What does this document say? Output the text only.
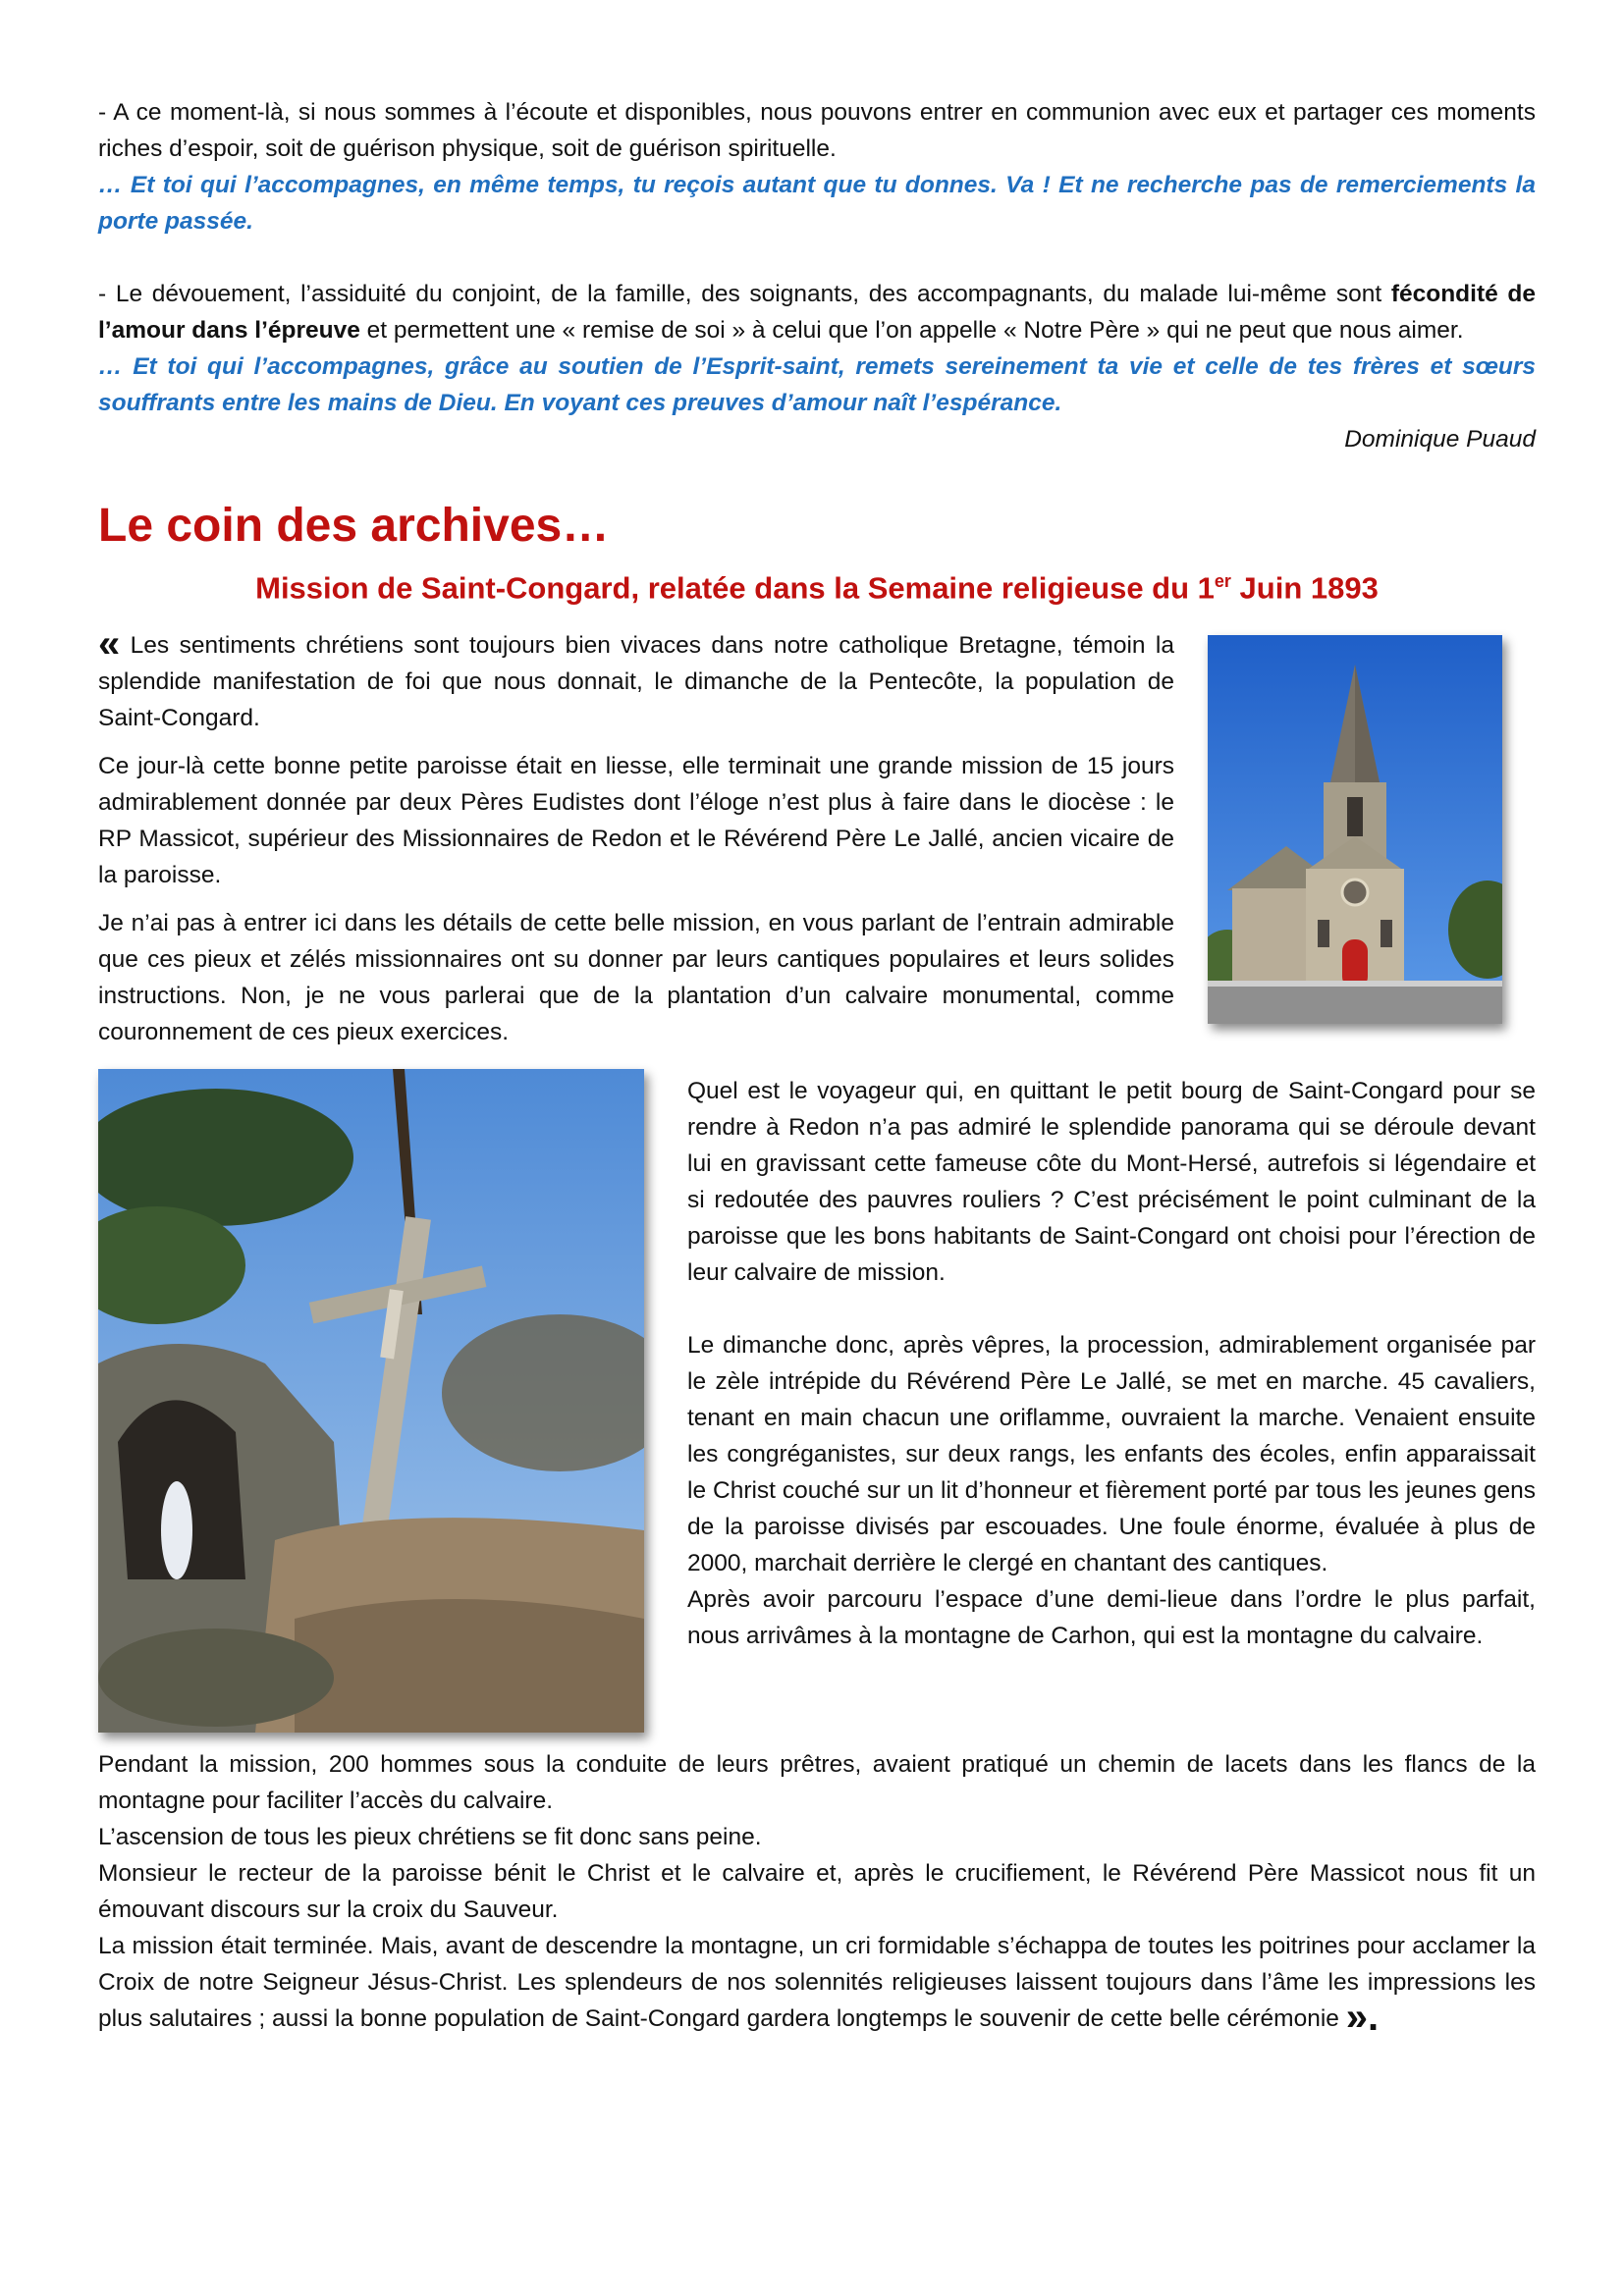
- A ce moment-là, si nous sommes à l’écoute et disponibles, nous pouvons entrer en communion avec eux et partager ces moments riches d’espoir, soit de guérison physique, soit de guérison spirituelle.

… Et toi qui l’accompagnes, en même temps, tu reçois autant que tu donnes. Va ! Et ne recherche pas de remerciements la porte passée.

- Le dévouement, l’assiduité du conjoint, de la famille, des soignants, des accompagnants, du malade lui-même sont fécondité de l’amour dans l’épreuve et permettent une « remise de soi » à celui que l’on appelle « Notre Père » qui ne peut que nous aimer.

… Et toi qui l’accompagnes, grâce au soutien de l’Esprit-saint, remets sereinement ta vie et celle de tes frères et sœurs souffrants entre les mains de Dieu. En voyant ces preuves d’amour naît l’espérance.

Dominique Puaud

Le coin des archives…
Mission de Saint-Congard, relatée dans la Semaine religieuse du 1er Juin 1893

« Les sentiments chrétiens sont toujours bien vivaces dans notre catholique Bretagne, témoin la splendide manifestation de foi que nous donnait, le dimanche de la Pentecôte, la population de Saint-Congard.

Ce jour-là cette bonne petite paroisse était en liesse, elle terminait une grande mission de 15 jours admirablement donnée par deux Pères Eudistes dont l’éloge n’est plus à faire dans le diocèse : le RP Massicot, supérieur des Missionnaires de Redon et le Révérend Père Le Jallé, ancien vicaire de la paroisse.

Je n’ai pas à entrer ici dans les détails de cette belle mission, en vous parlant de l’entrain admirable que ces pieux et zélés missionnaires ont su donner par leurs cantiques populaires et leurs solides instructions. Non, je ne vous parlerai que de la plantation d’un calvaire monumental, comme couronnement de ces pieux exercices.

Quel est le voyageur qui, en quittant le petit bourg de Saint-Congard pour se rendre à Redon n’a pas admiré le splendide panorama qui se déroule devant lui en gravissant cette fameuse côte du Mont-Hersé, autrefois si légendaire et si redoutée des pauvres rouliers ? C’est précisément le point culminant de la paroisse que les bons habitants de Saint-Congard ont choisi pour l’érection de leur calvaire de mission.

Le dimanche donc, après vêpres, la procession, admirablement organisée par le zèle intrépide du Révérend Père Le Jallé, se met en marche. 45 cavaliers, tenant en main chacun une oriflamme, ouvraient la marche. Venaient ensuite les congréganistes, sur deux rangs, les enfants des écoles, enfin apparaissait le Christ couché sur un lit d’honneur et fièrement porté par tous les jeunes gens de la paroisse divisés par escouades. Une foule énorme, évaluée à plus de 2000, marchait derrière le clergé en chantant des cantiques.

Après avoir parcouru l’espace d’une demi-lieue dans l’ordre le plus parfait, nous arrivâmes à la montagne de Carhon, qui est la montagne du calvaire.

Pendant la mission, 200 hommes sous la conduite de leurs prêtres, avaient pratiqué un chemin de lacets dans les flancs de la montagne pour faciliter l’accès du calvaire.

L’ascension de tous les pieux chrétiens se fit donc sans peine.

Monsieur le recteur de la paroisse bénit le Christ et le calvaire et, après le crucifiement, le Révérend Père Massicot nous fit un émouvant discours sur la croix du Sauveur.

La mission était terminée. Mais, avant de descendre la montagne, un cri formidable s’échappa de toutes les poitrines pour acclamer la Croix de notre Seigneur Jésus-Christ. Les splendeurs de nos solennités religieuses laissent toujours dans l’âme les impressions les plus salutaires ; aussi la bonne population de Saint-Congard gardera longtemps le souvenir de cette belle cérémonie ».
